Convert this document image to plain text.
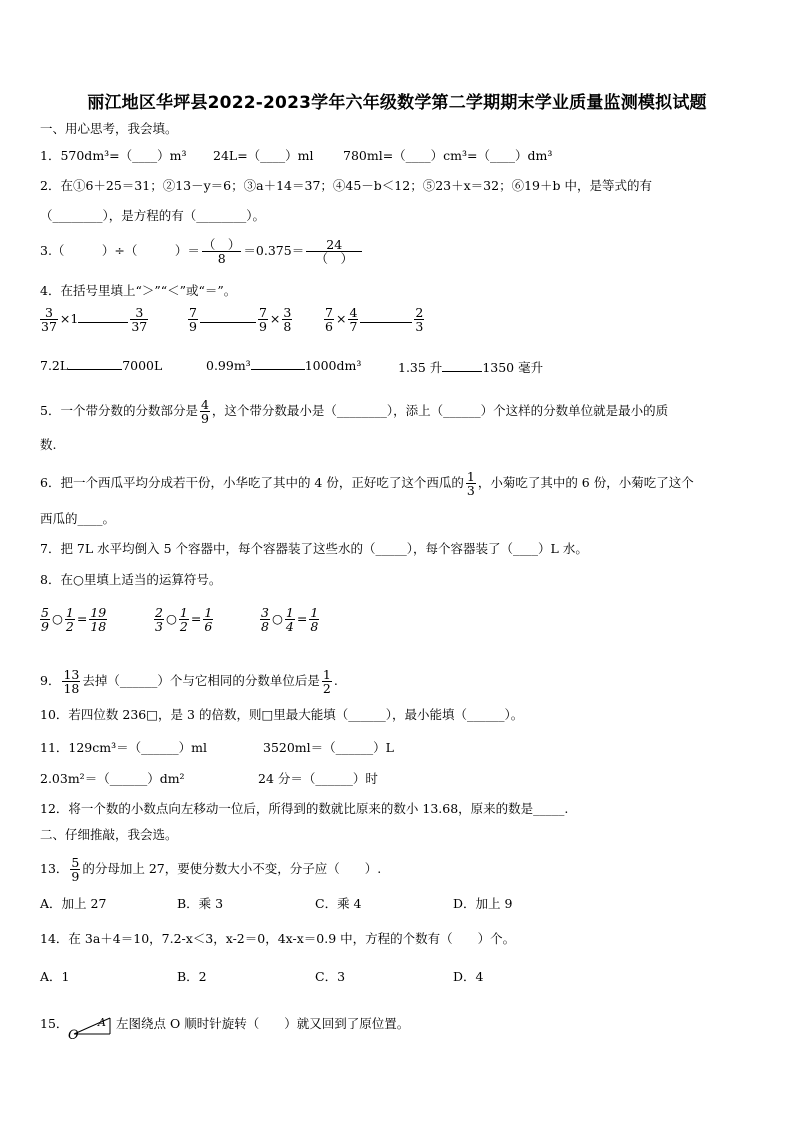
丽江地区华坪县2022-2023学年六年级数学第二学期期末学业质量监测模拟试题
一、用心思考，我会填。
1．570dm³=（____）m³ 24L=（____）ml 780ml=（____）cm³=（____）dm³
2．在①6＋25＝31；②13－y＝6；③a＋14＝37；④45－b＜12；⑤23＋x＝32；⑥19＋b 中，是等式的有
（________），是方程的有（________）。
3.（　　　）÷（　　　）＝ $\frac{( )}{8} =0.375= \frac{24}{( )}$
4．在括号里填上“＞”“＜”或“＝”。
$\frac{3}{37} \times 1$	$\frac{3}{37}$	$\frac{7}{9}$	$\frac{7}{9} \times \frac{3}{8}$	$\frac{7}{6} \times \frac{4}{7}$	$\frac{2}{3}$
7.2L	7000L	0.99m³	1000dm³	1.35 升	1350 毫升
5．一个带分数的分数部分是 $\frac{4}{9}$ ，这个带分数最小是（________），添上（______）个这样的分数单位就是最小的质
数.
6．把一个西瓜平均分成若干份，小华吃了其中的 4 份，正好吃了这个西瓜的 $\frac{1}{3}$ ，小菊吃了其中的 6 份，小菊吃了这个
西瓜的____。
7．把 7L 水平均倒入 5 个容器中，每个容器装了这些水的（_____），每个容器装了（____）L 水。
8．在○里填上适当的运算符号。
$\frac{5}{9}$ ○ $\frac{1}{2} = \frac{19}{18}$	$\frac{2}{3}$ ○ $\frac{1}{2} = \frac{1}{6}$	$\frac{3}{8}$ ○ $\frac{1}{4} = \frac{1}{8}$
9． $\frac{13}{18}$ 去掉（______）个与它相同的分数单位后是 $\frac{1}{2}$ .
10．若四位数 236□，是 3 的倍数，则□里最大能填（______），最小能填（______）。
11．129cm³＝（______）ml	3520ml＝（______）L
2.03m²＝（______）dm²	24 分＝（______）时
12．将一个数的小数点向左移动一位后，所得到的数就比原来的数小 13.68，原来的数是_____.
二、仔细推敲，我会选。
13． $\frac{5}{9}$ 的分母加上 27，要使分数大小不变，分子应（　　）.
A．加上 27	B．乘 3	C．乘 4	D．加上 9
14．在 3a＋4＝10，7.2-x＜3，x-2＝0，4x-x＝0.9 中，方程的个数有（　　）个。
A．1	B．2	C．3	D．4
15．
O
A 左图绕点 O 顺时针旋转（　　）就又回到了原位置。
